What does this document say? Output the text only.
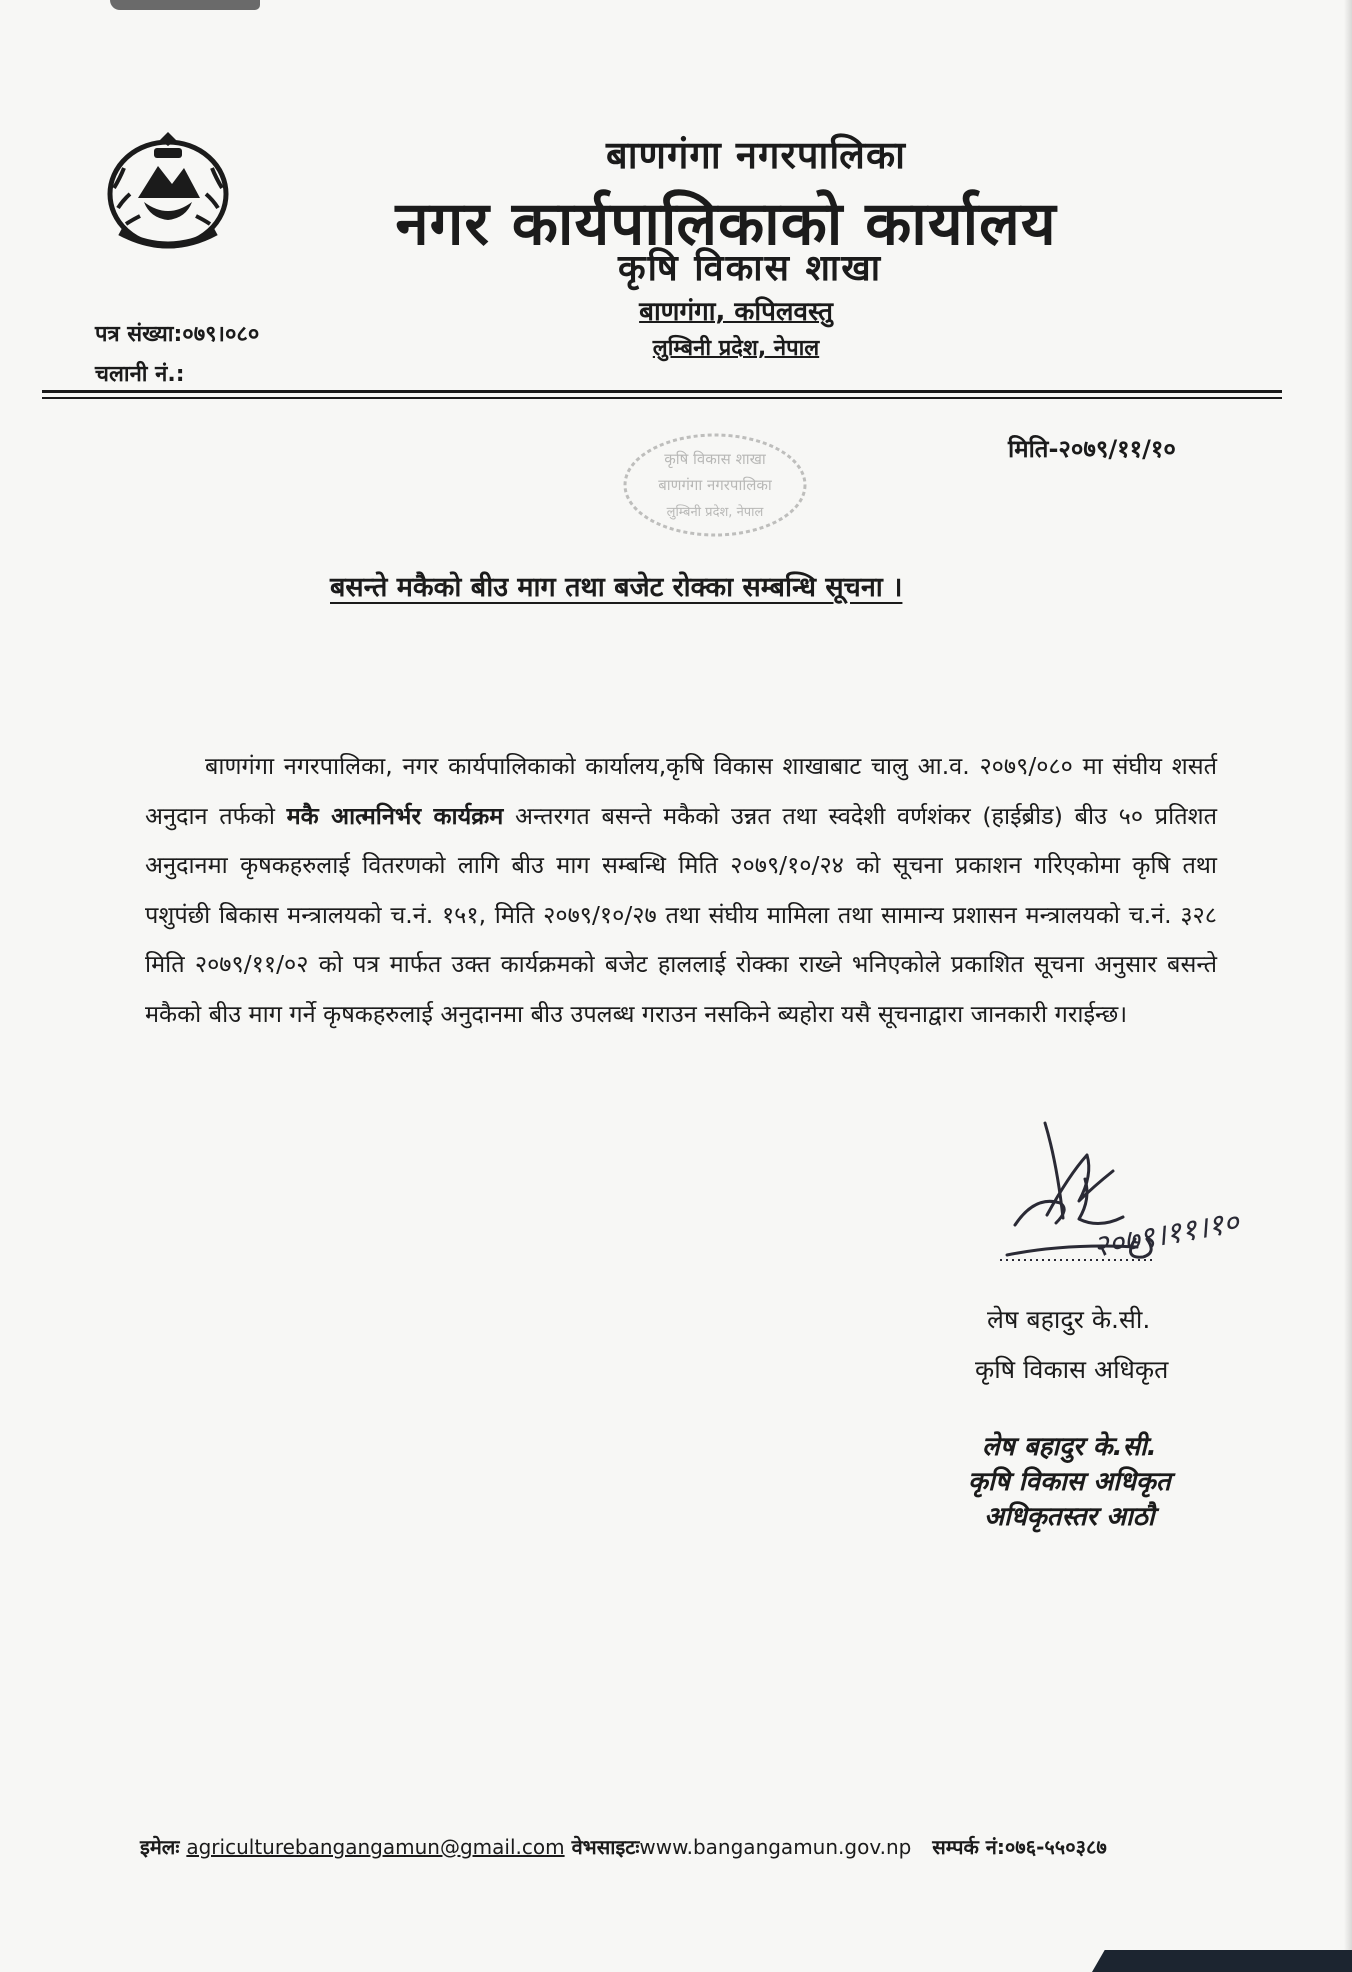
बाणगंगा नगरपालिका
नगर कार्यपालिकाको कार्यालय
कृषि विकास शाखा
बाणगंगा, कपिलवस्तु
लुम्बिनी प्रदेश, नेपाल
पत्र संख्या:०७९।०८०
चलानी नं.:
मिति-२०७९/११/१०
कृषि विकास शाखा
बाणगंगा नगरपालिका
लुम्बिनी प्रदेश, नेपाल
बसन्ते मकैको बीउ माग तथा बजेट रोक्का सम्बन्धि सूचना ।
बाणगंगा नगरपालिका, नगर कार्यपालिकाको कार्यालय,कृषि विकास शाखाबाट चालु आ.व. २०७९/०८० मा संघीय शसर्त अनुदान तर्फको मकै आत्मनिर्भर कार्यक्रम अन्तरगत बसन्ते मकैको उन्नत तथा स्वदेशी वर्णशंकर (हाईब्रीड) बीउ ५० प्रतिशत अनुदानमा कृषकहरुलाई वितरणको लागि बीउ माग सम्बन्धि मिति २०७९/१०/२४ को सूचना प्रकाशन गरिएकोमा कृषि तथा पशुपंछी बिकास मन्त्रालयको च.नं. १५१, मिति २०७९/१०/२७ तथा संघीय मामिला तथा सामान्य प्रशासन मन्त्रालयको च.नं. ३२८ मिति २०७९/११/०२ को पत्र मार्फत उक्त कार्यक्रमको बजेट हाललाई रोक्का राख्ने भनिएकोले प्रकाशित सूचना अनुसार बसन्ते मकैको बीउ माग गर्ने कृषकहरुलाई अनुदानमा बीउ उपलब्ध गराउन नसकिने ब्यहोरा यसै सूचनाद्वारा जानकारी गराईन्छ।
२०७९।११।१०
लेष बहादुर के.सी.
कृषि विकास अधिकृत
लेष बहादुर के.सी.
कृषि विकास अधिकृत
अधिकृतस्तर आठौ
इमेलः agriculturebangangamun@gmail.com वेभसाइटःwww.bangangamun.gov.np सम्पर्क नं:०७६-५५०३८७
